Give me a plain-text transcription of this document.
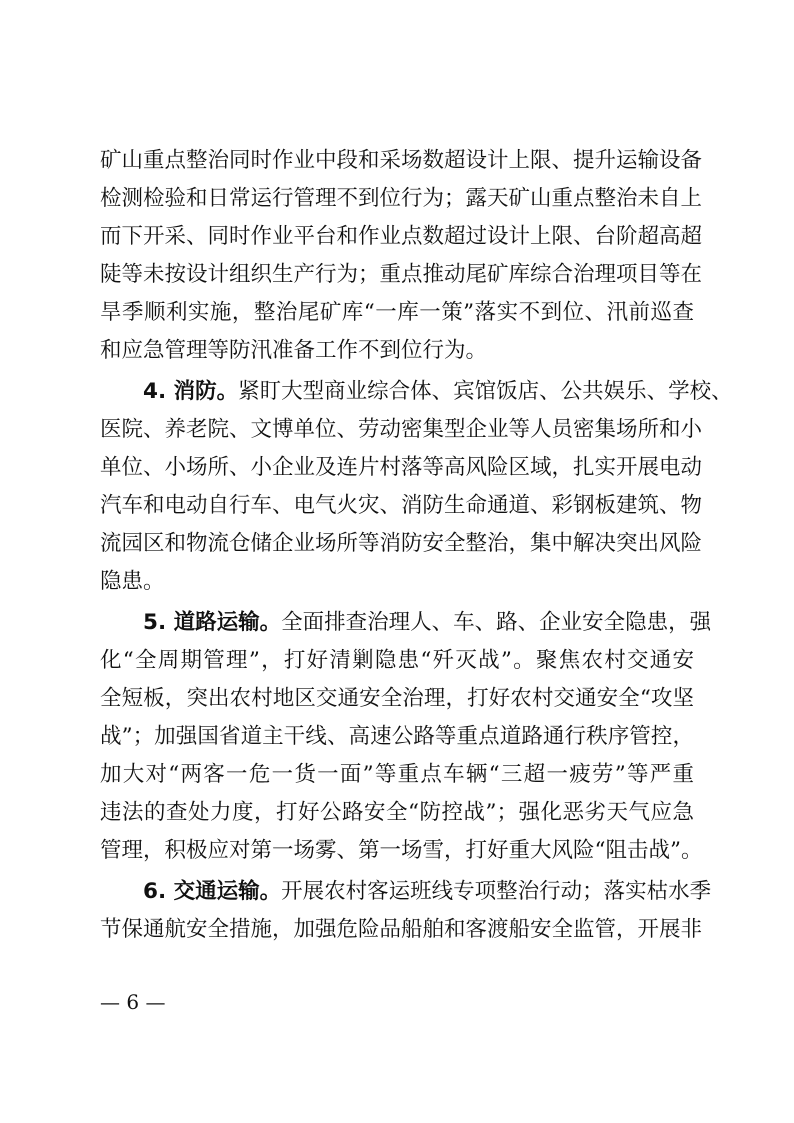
矿山重点整治同时作业中段和采场数超设计上限、提升运输设备
检测检验和日常运行管理不到位行为；露天矿山重点整治未自上
而下开采、同时作业平台和作业点数超过设计上限、台阶超高超
陡等未按设计组织生产行为；重点推动尾矿库综合治理项目等在
旱季顺利实施，整治尾矿库“一库一策”落实不到位、汛前巡查
和应急管理等防汛准备工作不到位行为。
4. 消防。紧盯大型商业综合体、宾馆饭店、公共娱乐、学校、
医院、养老院、文博单位、劳动密集型企业等人员密集场所和小
单位、小场所、小企业及连片村落等高风险区域，扎实开展电动
汽车和电动自行车、电气火灾、消防生命通道、彩钢板建筑、物
流园区和物流仓储企业场所等消防安全整治，集中解决突出风险
隐患。
5. 道路运输。全面排查治理人、车、路、企业安全隐患，强
化“全周期管理”，打好清剿隐患“歼灭战”。聚焦农村交通安
全短板，突出农村地区交通安全治理，打好农村交通安全“攻坚
战”；加强国省道主干线、高速公路等重点道路通行秩序管控，
加大对“两客一危一货一面”等重点车辆“三超一疲劳”等严重
违法的查处力度，打好公路安全“防控战”；强化恶劣天气应急
管理，积极应对第一场雾、第一场雪，打好重大风险“阻击战”。
6. 交通运输。开展农村客运班线专项整治行动；落实枯水季
节保通航安全措施，加强危险品船舶和客渡船安全监管，开展非
— 6 —
